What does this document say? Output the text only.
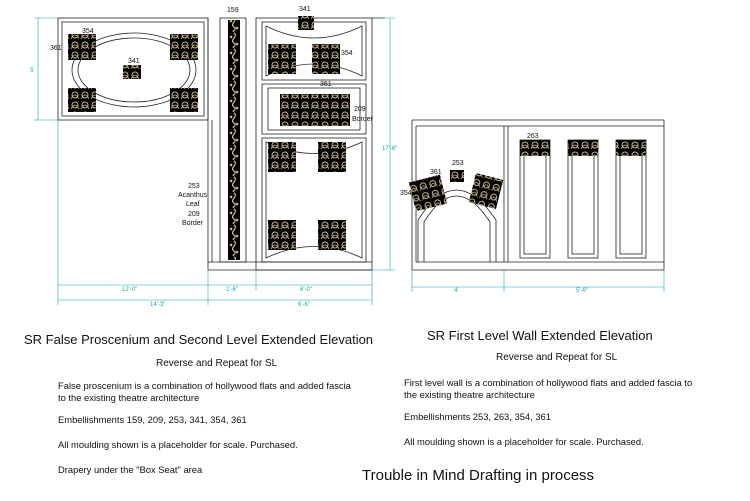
159	341
354
361
341
354
361
209
Border
253
Acanthus
Leaf
209
Border
263
354
361
253
5'
17'-6"
12'-0"	1'-6"	6'-0"
14'-3"	6'-6"
4'	5'-6"
SR False Proscenium and Second Level Extended Elevation
Reverse and Repeat for SL
False proscenium is a combination of hollywood flats and added fascia
to the existing theatre architecture
Embellishments 159, 209, 253, 341, 354, 361
All moulding shown is a placeholder for scale. Purchased.
Drapery under the "Box Seat" area
SR First Level Wall Extended Elevation
Reverse and Repeat for SL
First level wall is a combination of hollywood flats and added fascia to
the existing theatre architecture
Embellishments 253, 263, 354, 361
All moulding shown is a placeholder for scale. Purchased.
Trouble in Mind Drafting in process
